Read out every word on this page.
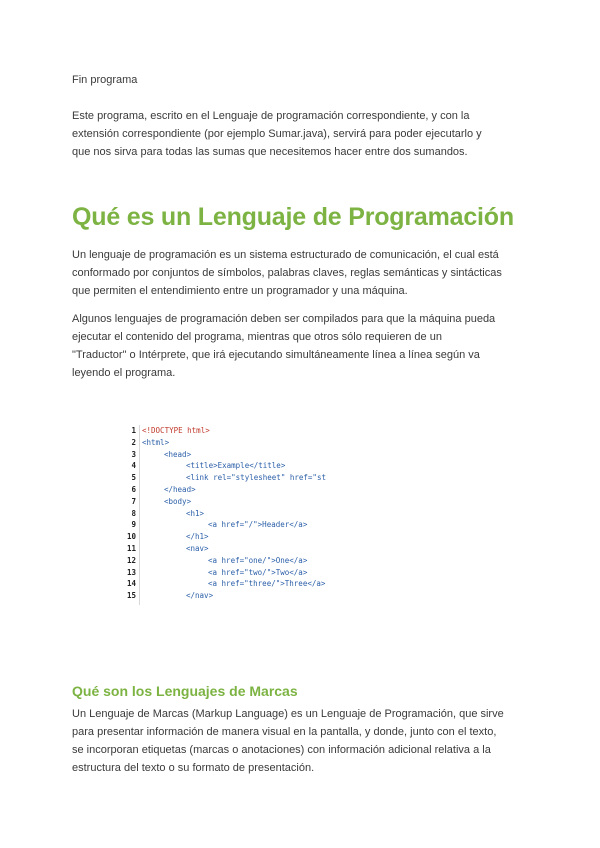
Fin programa

Este programa, escrito en el Lenguaje de programación correspondiente, y con la

extensión correspondiente (por ejemplo Sumar.java), servirá para poder ejecutarlo y

que nos sirva para todas las sumas que necesitemos hacer entre dos sumandos.

Qué es un Lenguaje de Programación

Un lenguaje de programación es un sistema estructurado de comunicación, el cual está

conformado por conjuntos de símbolos, palabras claves, reglas semánticas y sintácticas

que permiten el entendimiento entre un programador y una máquina.

Algunos lenguajes de programación deben ser compilados para que la máquina pueda

ejecutar el contenido del programa, mientras que otros sólo requieren de un

"Traductor" o Intérprete, que irá ejecutando simultáneamente línea a línea según va

leyendo el programa.

Qué son los Lenguajes de Marcas

Un Lenguaje de Marcas (Markup Language) es un Lenguaje de Programación, que sirve

para presentar información de manera visual en la pantalla, y donde, junto con el texto,

se incorporan etiquetas (marcas o anotaciones) con información adicional relativa a la

estructura del texto o su formato de presentación.

1 <!DOCTYPE html>
2 <html>
3	<head>
4	<title>Example</title>
5	<link rel="stylesheet" href="st
6	</head>
7	<body>
8	<h1>
9	<a href="/">Header</a>
10	</h1>
11	<nav>
12	<a href="one/">One</a>
13	<a href="two/">Two</a>
14	<a href="three/">Three</a>
15	</nav>
